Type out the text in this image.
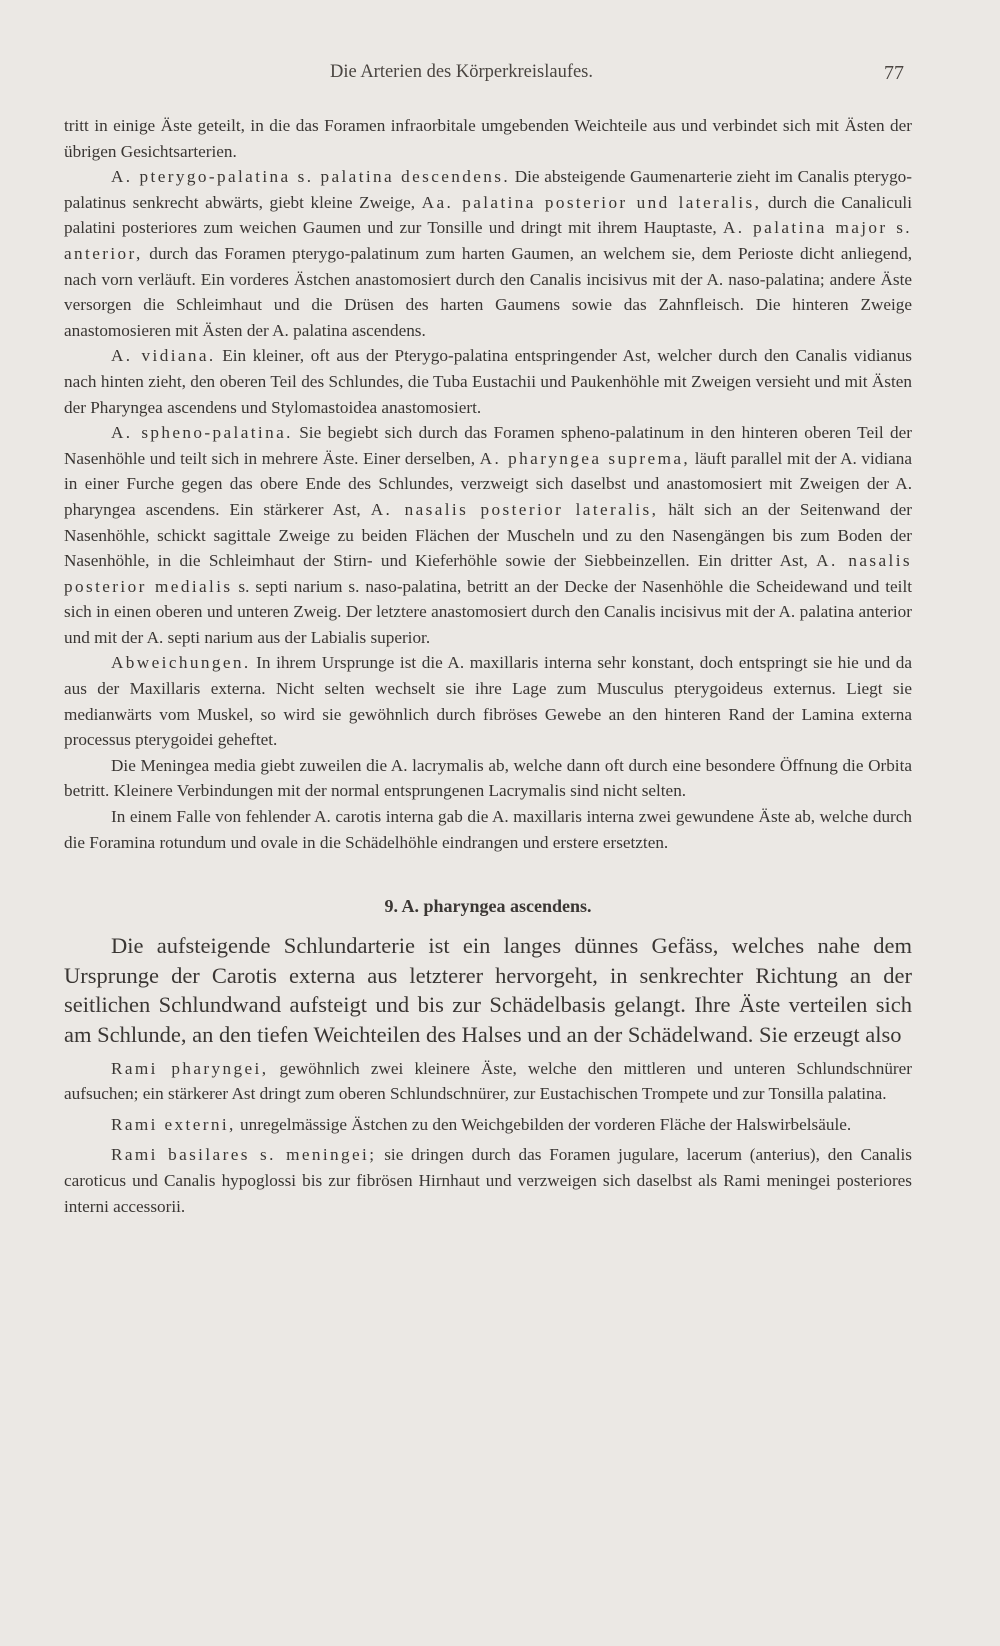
Die Arterien des Körperkreislaufes.	77

tritt in einige Äste geteilt, in die das Foramen infraorbitale umgebenden Weichteile aus und verbindet sich mit Ästen der übrigen Gesichtsarterien.

A. pterygo-palatina s. palatina descendens. Die absteigende Gaumenarterie zieht im Canalis pterygo-palatinus senkrecht abwärts, giebt kleine Zweige, Aa. palatina posterior und lateralis, durch die Canaliculi palatini posteriores zum weichen Gaumen und zur Tonsille und dringt mit ihrem Hauptaste, A. palatina major s. anterior, durch das Foramen pterygo-palatinum zum harten Gaumen, an welchem sie, dem Perioste dicht anliegend, nach vorn verläuft. Ein vorderes Ästchen anastomosiert durch den Canalis incisivus mit der A. naso-palatina; andere Äste versorgen die Schleimhaut und die Drüsen des harten Gaumens sowie das Zahnfleisch. Die hinteren Zweige anastomosieren mit Ästen der A. palatina ascendens.

A. vidiana. Ein kleiner, oft aus der Pterygo-palatina entspringender Ast, welcher durch den Canalis vidianus nach hinten zieht, den oberen Teil des Schlundes, die Tuba Eustachii und Paukenhöhle mit Zweigen versieht und mit Ästen der Pharyngea ascendens und Stylomastoidea anastomosiert.

A. spheno-palatina. Sie begiebt sich durch das Foramen spheno-palatinum in den hinteren oberen Teil der Nasenhöhle und teilt sich in mehrere Äste. Einer derselben, A. pharyngea suprema, läuft parallel mit der A. vidiana in einer Furche gegen das obere Ende des Schlundes, verzweigt sich daselbst und anastomosiert mit Zweigen der A. pharyngea ascendens. Ein stärkerer Ast, A. nasalis posterior lateralis, hält sich an der Seitenwand der Nasenhöhle, schickt sagittale Zweige zu beiden Flächen der Muscheln und zu den Nasengängen bis zum Boden der Nasenhöhle, in die Schleimhaut der Stirn- und Kieferhöhle sowie der Siebbeinzellen. Ein dritter Ast, A. nasalis posterior medialis s. septi narium s. naso-palatina, betritt an der Decke der Nasenhöhle die Scheidewand und teilt sich in einen oberen und unteren Zweig. Der letztere anastomosiert durch den Canalis incisivus mit der A. palatina anterior und mit der A. septi narium aus der Labialis superior.

Abweichungen. In ihrem Ursprunge ist die A. maxillaris interna sehr konstant, doch entspringt sie hie und da aus der Maxillaris externa. Nicht selten wechselt sie ihre Lage zum Musculus pterygoideus externus. Liegt sie medianwärts vom Muskel, so wird sie gewöhnlich durch fibröses Gewebe an den hinteren Rand der Lamina externa processus pterygoidei geheftet.

Die Meningea media giebt zuweilen die A. lacrymalis ab, welche dann oft durch eine besondere Öffnung die Orbita betritt. Kleinere Verbindungen mit der normal entsprungenen Lacrymalis sind nicht selten.

In einem Falle von fehlender A. carotis interna gab die A. maxillaris interna zwei gewundene Äste ab, welche durch die Foramina rotundum und ovale in die Schädelhöhle eindrangen und erstere ersetzten.

9. A. pharyngea ascendens.

Die aufsteigende Schlundarterie ist ein langes dünnes Gefäss, welches nahe dem Ursprunge der Carotis externa aus letzterer hervorgeht, in senkrechter Richtung an der seitlichen Schlundwand aufsteigt und bis zur Schädelbasis gelangt. Ihre Äste verteilen sich am Schlunde, an den tiefen Weichteilen des Halses und an der Schädelwand. Sie erzeugt also

Rami pharyngei, gewöhnlich zwei kleinere Äste, welche den mittleren und unteren Schlundschnürer aufsuchen; ein stärkerer Ast dringt zum oberen Schlundschnürer, zur Eustachischen Trompete und zur Tonsilla palatina.

Rami externi, unregelmässige Ästchen zu den Weichgebilden der vorderen Fläche der Halswirbelsäule.

Rami basilares s. meningei; sie dringen durch das Foramen jugulare, lacerum (anterius), den Canalis caroticus und Canalis hypoglossi bis zur fibrösen Hirnhaut und verzweigen sich daselbst als Rami meningei posteriores interni accessorii.
